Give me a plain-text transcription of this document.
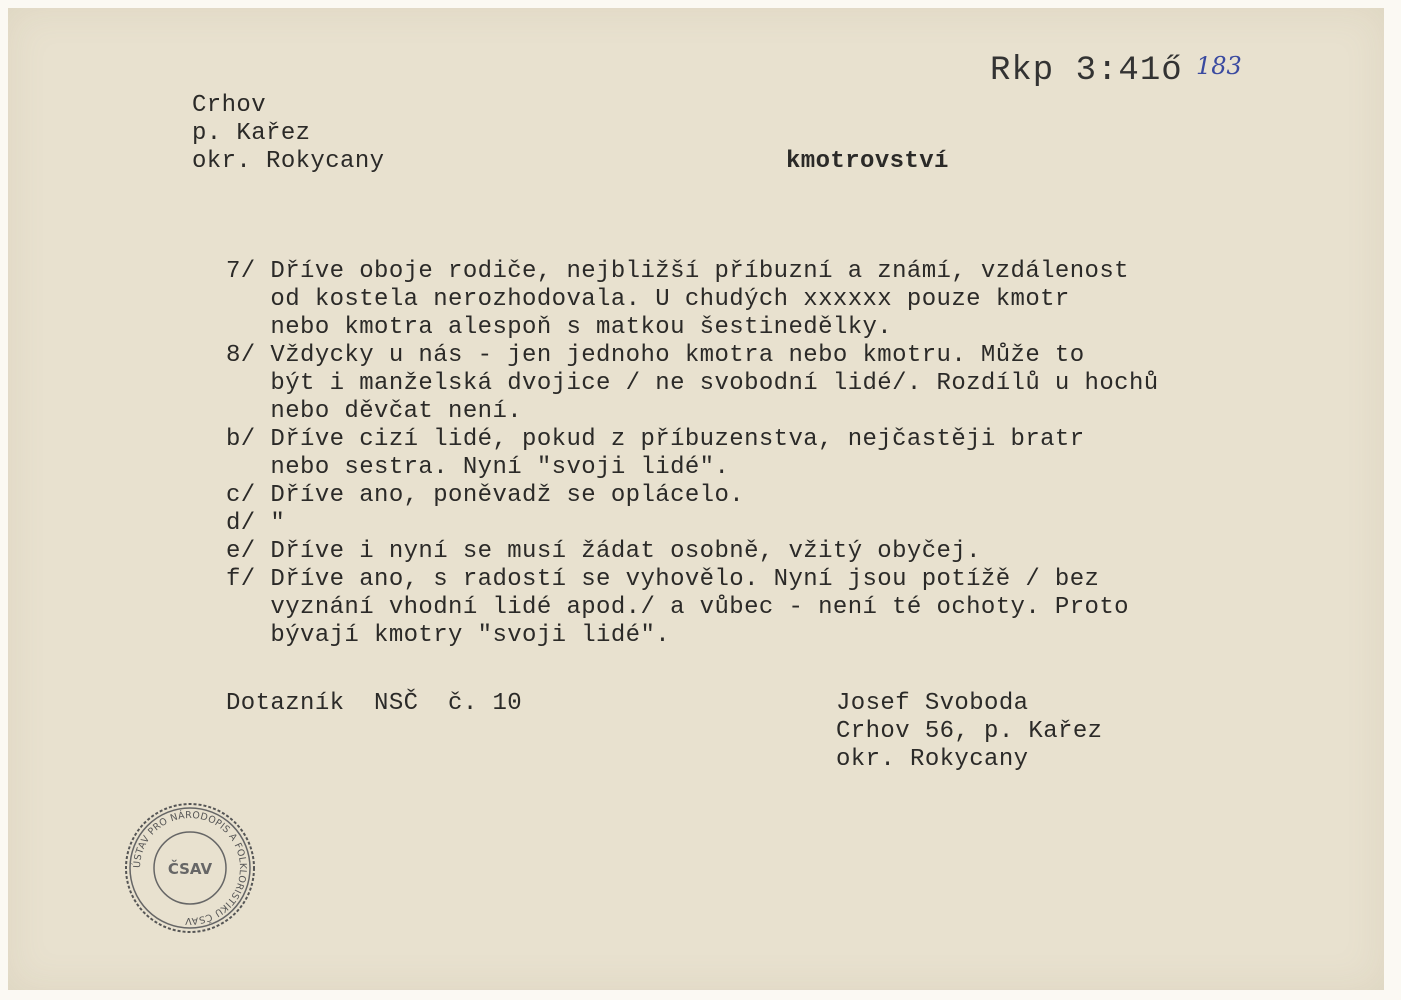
Rkp 3:41ő 183
Crhov
p. Kařez
okr. Rokycany	kmotrovství
7/ Dříve oboje rodiče, nejbližší příbuzní a známí, vzdálenost
od kostela nerozhodovala. U chudých xxxxxx pouze kmotr
nebo kmotra alespoň s matkou šestinedělky.
8/ Vždycky u nás - jen jednoho kmotra nebo kmotru. Může to
být i manželská dvojice / ne svobodní lidé/. Rozdílů u hochů
nebo děvčat není.
b/ Dříve cizí lidé, pokud z příbuzenstva, nejčastěji bratr
nebo sestra. Nyní "svoji lidé".
c/ Dříve ano, poněvadž se oplácelo.
d/ "
e/ Dříve i nyní se musí žádat osobně, vžitý obyčej.
f/ Dříve ano, s radostí se vyhovělo. Nyní jsou potížě / bez
vyznání vhodní lidé apod./ a vůbec - není té ochoty. Proto
bývají kmotry "svoji lidé".
Dotazník  NSČ  č. 10	Josef Svoboda
Crhov 56, p. Kařez
okr. Rokycany
ÚSTAV PRO NÁRODOPIS A FOLKLORISTIKU ČSAV
ČSAV
